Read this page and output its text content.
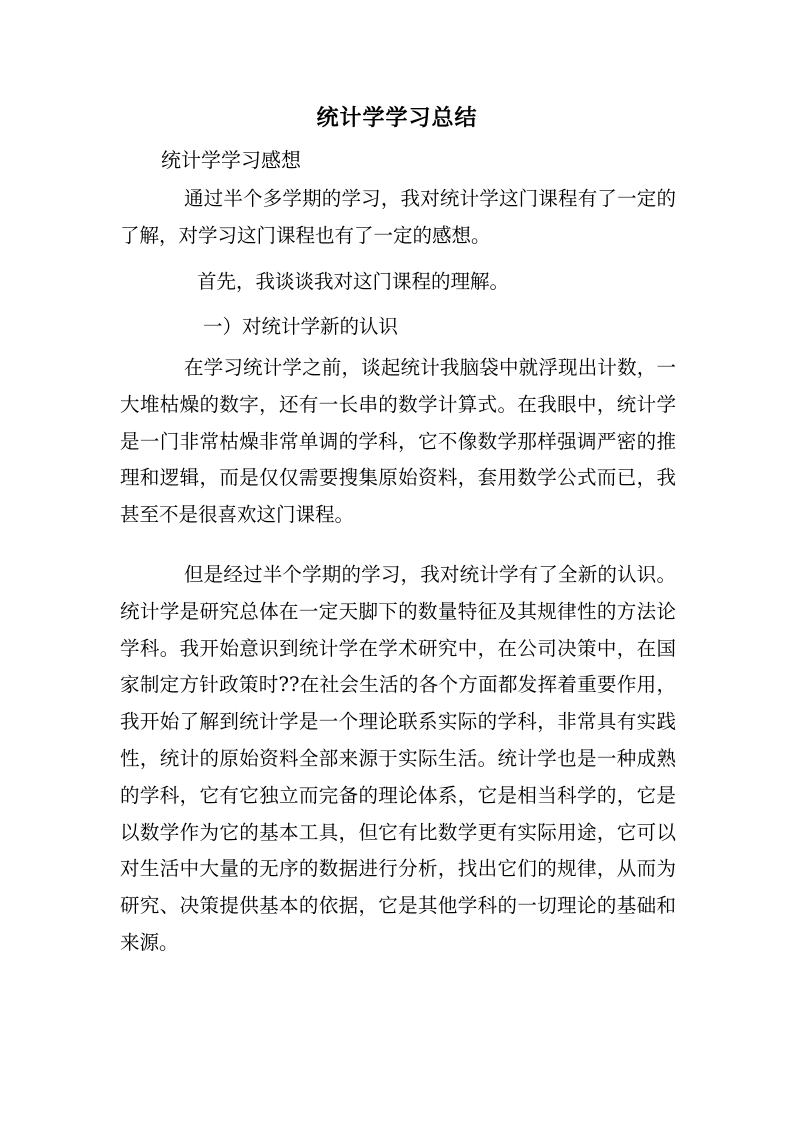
统计学学习总结
统计学学习感想
通过半个多学期的学习，我对统计学这门课程有了一定的了解，对学习这门课程也有了一定的感想。
首先，我谈谈我对这门课程的理解。
一）对统计学新的认识
在学习统计学之前，谈起统计我脑袋中就浮现出计数，一大堆枯燥的数字，还有一长串的数学计算式。在我眼中，统计学是一门非常枯燥非常单调的学科，它不像数学那样强调严密的推理和逻辑，而是仅仅需要搜集原始资料，套用数学公式而已，我甚至不是很喜欢这门课程。
但是经过半个学期的学习，我对统计学有了全新的认识。统计学是研究总体在一定天脚下的数量特征及其规律性的方法论学科。我开始意识到统计学在学术研究中，在公司决策中，在国家制定方针政策时??在社会生活的各个方面都发挥着重要作用，我开始了解到统计学是一个理论联系实际的学科，非常具有实践性，统计的原始资料全部来源于实际生活。统计学也是一种成熟的学科，它有它独立而完备的理论体系，它是相当科学的，它是以数学作为它的基本工具，但它有比数学更有实际用途，它可以对生活中大量的无序的数据进行分析，找出它们的规律，从而为研究、决策提供基本的依据，它是其他学科的一切理论的基础和来源。
